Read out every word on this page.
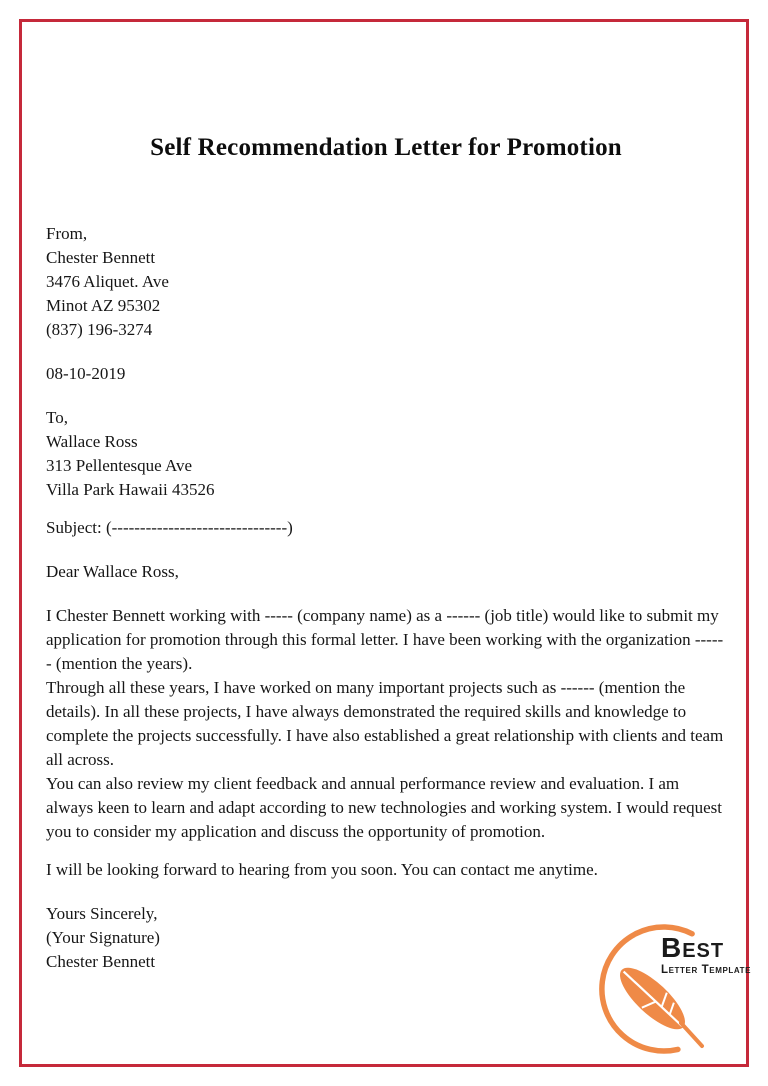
Self Recommendation Letter for Promotion
From,
Chester Bennett
3476 Aliquet. Ave
Minot AZ 95302
(837) 196-3274
08-10-2019
To,
Wallace Ross
313 Pellentesque Ave
Villa Park Hawaii 43526
Subject: (-------------------------------)
Dear Wallace Ross,

I Chester Bennett working with ----- (company name) as a ------ (job title) would like to submit my application for promotion through this formal letter. I have been working with the organization ------ (mention the years).

Through all these years, I have worked on many important projects such as ------ (mention the details). In all these projects, I have always demonstrated the required skills and knowledge to complete the projects successfully. I have also established a great relationship with clients and team all across.

You can also review my client feedback and annual performance review and evaluation. I am always keen to learn and adapt according to new technologies and working system. I would request you to consider my application and discuss the opportunity of promotion.

I will be looking forward to hearing from you soon. You can contact me anytime.

Yours Sincerely,
(Your Signature)
Chester Bennett	Best
Letter Template
